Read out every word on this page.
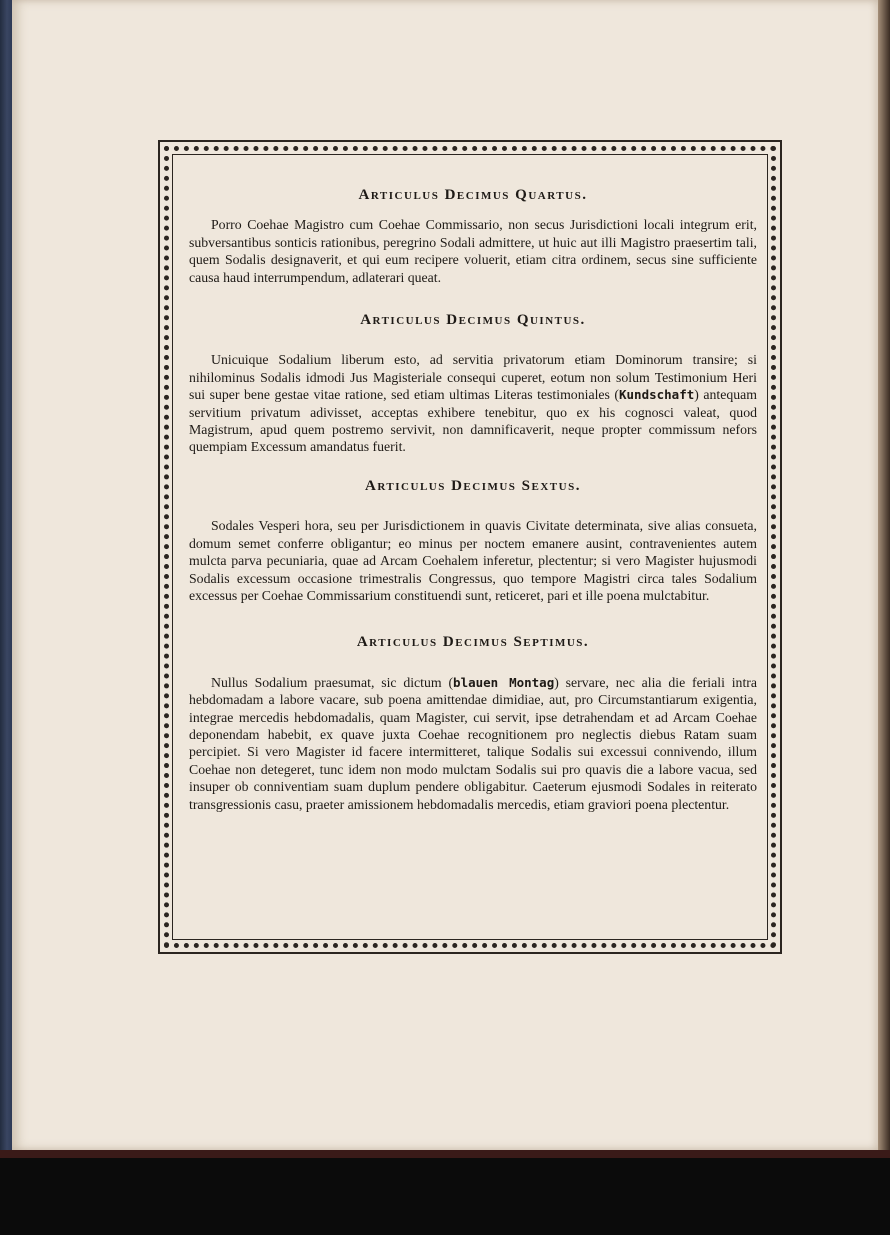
Articulus Decimus Quartus.

Porro Coehae Magistro cum Coehae Commissario, non secus Jurisdictioni locali integrum erit, subversantibus sonticis rationibus, peregrino Sodali admittere, ut huic aut illi Magistro praesertim tali, quem Sodalis designaverit, et qui eum recipere voluerit, etiam citra ordinem, secus sine sufficiente causa haud interrumpendum, adlaterari queat.

Articulus Decimus Quintus.

Unicuique Sodalium liberum esto, ad servitia privatorum etiam Dominorum transire; si nihilominus Sodalis idmodi Jus Magisteriale consequi cuperet, eotum non solum Testimonium Heri sui super bene gestae vitae ratione, sed etiam ultimas Literas testimoniales (Kundschaft) antequam servitium privatum adivisset, acceptas exhibere tenebitur, quo ex his cognosci valeat, quod Magistrum, apud quem postremo servivit, non damnificaverit, neque propter commissum nefors quempiam Excessum amandatus fuerit.

Articulus Decimus Sextus.

Sodales Vesperi hora, seu per Jurisdictionem in quavis Civitate determinata, sive alias consueta, domum semet conferre obligantur; eo minus per noctem emanere ausint, contravenientes autem mulcta parva pecuniaria, quae ad Arcam Coehalem inferetur, plectentur; si vero Magister hujusmodi Sodalis excessum occasione trimestralis Congressus, quo tempore Magistri circa tales Sodalium excessus per Coehae Commissarium constituendi sunt, reticeret, pari et ille poena mulctabitur.

Articulus Decimus Septimus.

Nullus Sodalium praesumat, sic dictum (blauen Montag) servare, nec alia die feriali intra hebdomadam a labore vacare, sub poena amittendae dimidiae, aut, pro Circumstantiarum exigentia, integrae mercedis hebdomadalis, quam Magister, cui servit, ipse detrahendam et ad Arcam Coehae deponendam habebit, ex quave juxta Coehae recognitionem pro neglectis diebus Ratam suam percipiet. Si vero Magister id facere intermitteret, talique Sodalis sui excessui connivendo, illum Coehae non detegeret, tunc idem non modo mulctam Sodalis sui pro quavis die a labore vacua, sed insuper ob conniventiam suam duplum pendere obligabitur. Caeterum ejusmodi Sodales in reiterato transgressionis casu, praeter amissionem hebdomadalis mercedis, etiam graviori poena plectentur.
